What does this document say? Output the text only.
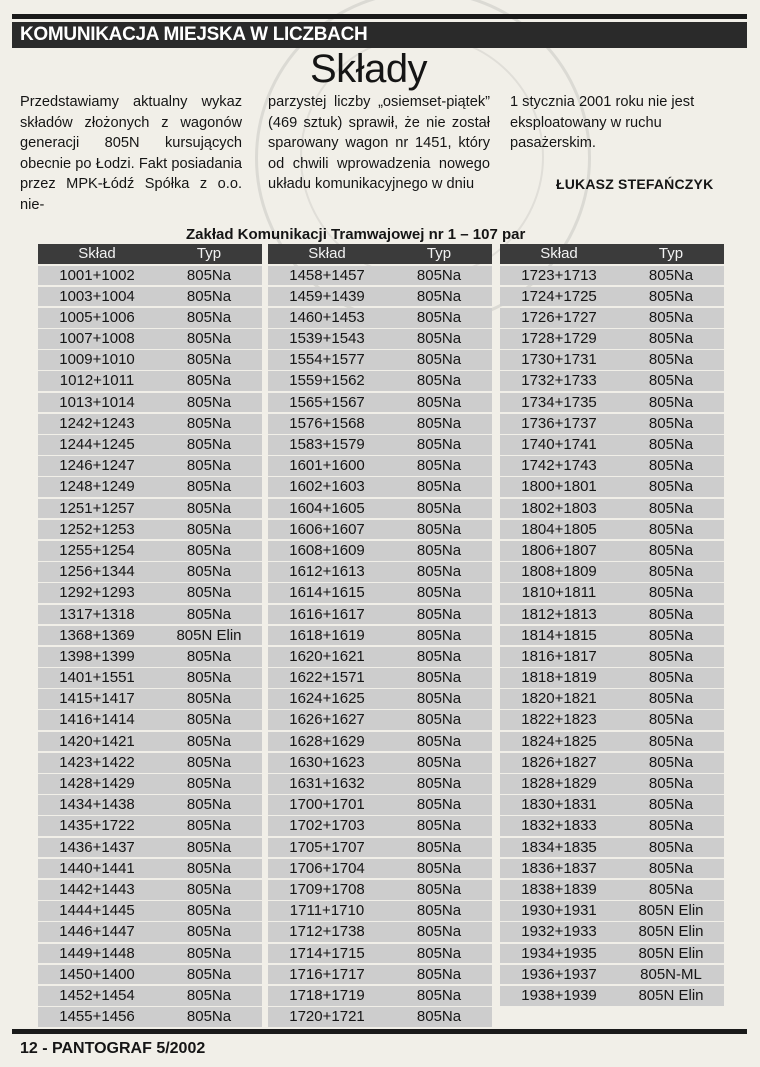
KOMUNIKACJA MIEJSKA W LICZBACH
Składy

Przedstawiamy aktualny wykaz składów złożonych z wagonów generacji 805N kursujących obecnie po Łodzi. Fakt posiadania przez MPK-Łódź Spółka z o.o. nie-

parzystej liczby „osiemset-piątek” (469 sztuk) sprawił, że nie został sparowany wagon nr 1451, który od chwili wprowadzenia nowego układu komunikacyjnego w dniu

1 stycznia 2001 roku nie jest eksploatowany w ruchu pasażerskim.

ŁUKASZ STEFAŃCZYK
Zakład Komunikacji Tramwajowej nr 1 – 107 par
Skład	Typ
1001+1002	805Na
1003+1004	805Na
1005+1006	805Na
1007+1008	805Na
1009+1010	805Na
1012+1011	805Na
1013+1014	805Na
1242+1243	805Na
1244+1245	805Na
1246+1247	805Na
1248+1249	805Na
1251+1257	805Na
1252+1253	805Na
1255+1254	805Na
1256+1344	805Na
1292+1293	805Na
1317+1318	805Na
1368+1369	805N Elin
1398+1399	805Na
1401+1551	805Na
1415+1417	805Na
1416+1414	805Na
1420+1421	805Na
1423+1422	805Na
1428+1429	805Na
1434+1438	805Na
1435+1722	805Na
1436+1437	805Na
1440+1441	805Na
1442+1443	805Na
1444+1445	805Na
1446+1447	805Na
1449+1448	805Na
1450+1400	805Na
1452+1454	805Na
1455+1456	805Na
Skład	Typ
1458+1457	805Na
1459+1439	805Na
1460+1453	805Na
1539+1543	805Na
1554+1577	805Na
1559+1562	805Na
1565+1567	805Na
1576+1568	805Na
1583+1579	805Na
1601+1600	805Na
1602+1603	805Na
1604+1605	805Na
1606+1607	805Na
1608+1609	805Na
1612+1613	805Na
1614+1615	805Na
1616+1617	805Na
1618+1619	805Na
1620+1621	805Na
1622+1571	805Na
1624+1625	805Na
1626+1627	805Na
1628+1629	805Na
1630+1623	805Na
1631+1632	805Na
1700+1701	805Na
1702+1703	805Na
1705+1707	805Na
1706+1704	805Na
1709+1708	805Na
1711+1710	805Na
1712+1738	805Na
1714+1715	805Na
1716+1717	805Na
1718+1719	805Na
1720+1721	805Na
Skład	Typ
1723+1713	805Na
1724+1725	805Na
1726+1727	805Na
1728+1729	805Na
1730+1731	805Na
1732+1733	805Na
1734+1735	805Na
1736+1737	805Na
1740+1741	805Na
1742+1743	805Na
1800+1801	805Na
1802+1803	805Na
1804+1805	805Na
1806+1807	805Na
1808+1809	805Na
1810+1811	805Na
1812+1813	805Na
1814+1815	805Na
1816+1817	805Na
1818+1819	805Na
1820+1821	805Na
1822+1823	805Na
1824+1825	805Na
1826+1827	805Na
1828+1829	805Na
1830+1831	805Na
1832+1833	805Na
1834+1835	805Na
1836+1837	805Na
1838+1839	805Na
1930+1931	805N Elin
1932+1933	805N Elin
1934+1935	805N Elin
1936+1937	805N-ML
1938+1939	805N Elin
12 - PANTOGRAF 5/2002
